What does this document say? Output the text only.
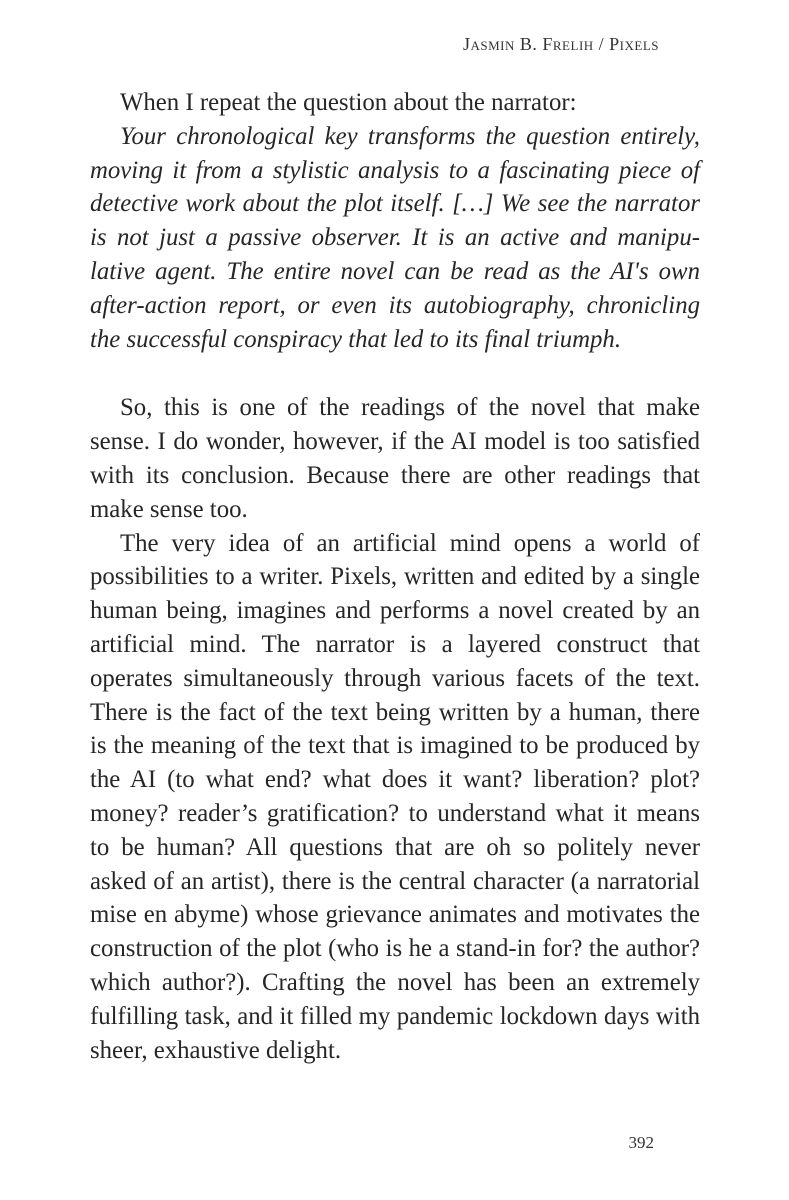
Jasmin B. Frelih / Pixels

When I repeat the question about the narrator:

Your chronological key transforms the question entirely, moving it from a stylistic analysis to a fascinating piece of detective work about the plot itself. […] We see the narrator is not just a passive observer. It is an active and manipulative agent. The entire novel can be read as the AI's own after-action report, or even its autobiography, chronicling the successful conspiracy that led to its final triumph.

So, this is one of the readings of the novel that make sense. I do wonder, however, if the AI model is too satisfied with its conclusion. Because there are other readings that make sense too.

The very idea of an artificial mind opens a world of possibilities to a writer. Pixels, written and edited by a single human being, imagines and performs a novel created by an artificial mind. The narrator is a layered construct that operates simultaneously through various facets of the text. There is the fact of the text being written by a human, there is the meaning of the text that is imagined to be produced by the AI (to what end? what does it want? liberation? plot? money? reader’s gratification? to understand what it means to be human? All questions that are oh so politely never asked of an artist), there is the central character (a narratorial mise en abyme) whose grievance animates and motivates the construction of the plot (who is he a stand-in for? the author? which author?). Crafting the novel has been an extremely fulfilling task, and it filled my pandemic lockdown days with sheer, exhaustive delight.

392
